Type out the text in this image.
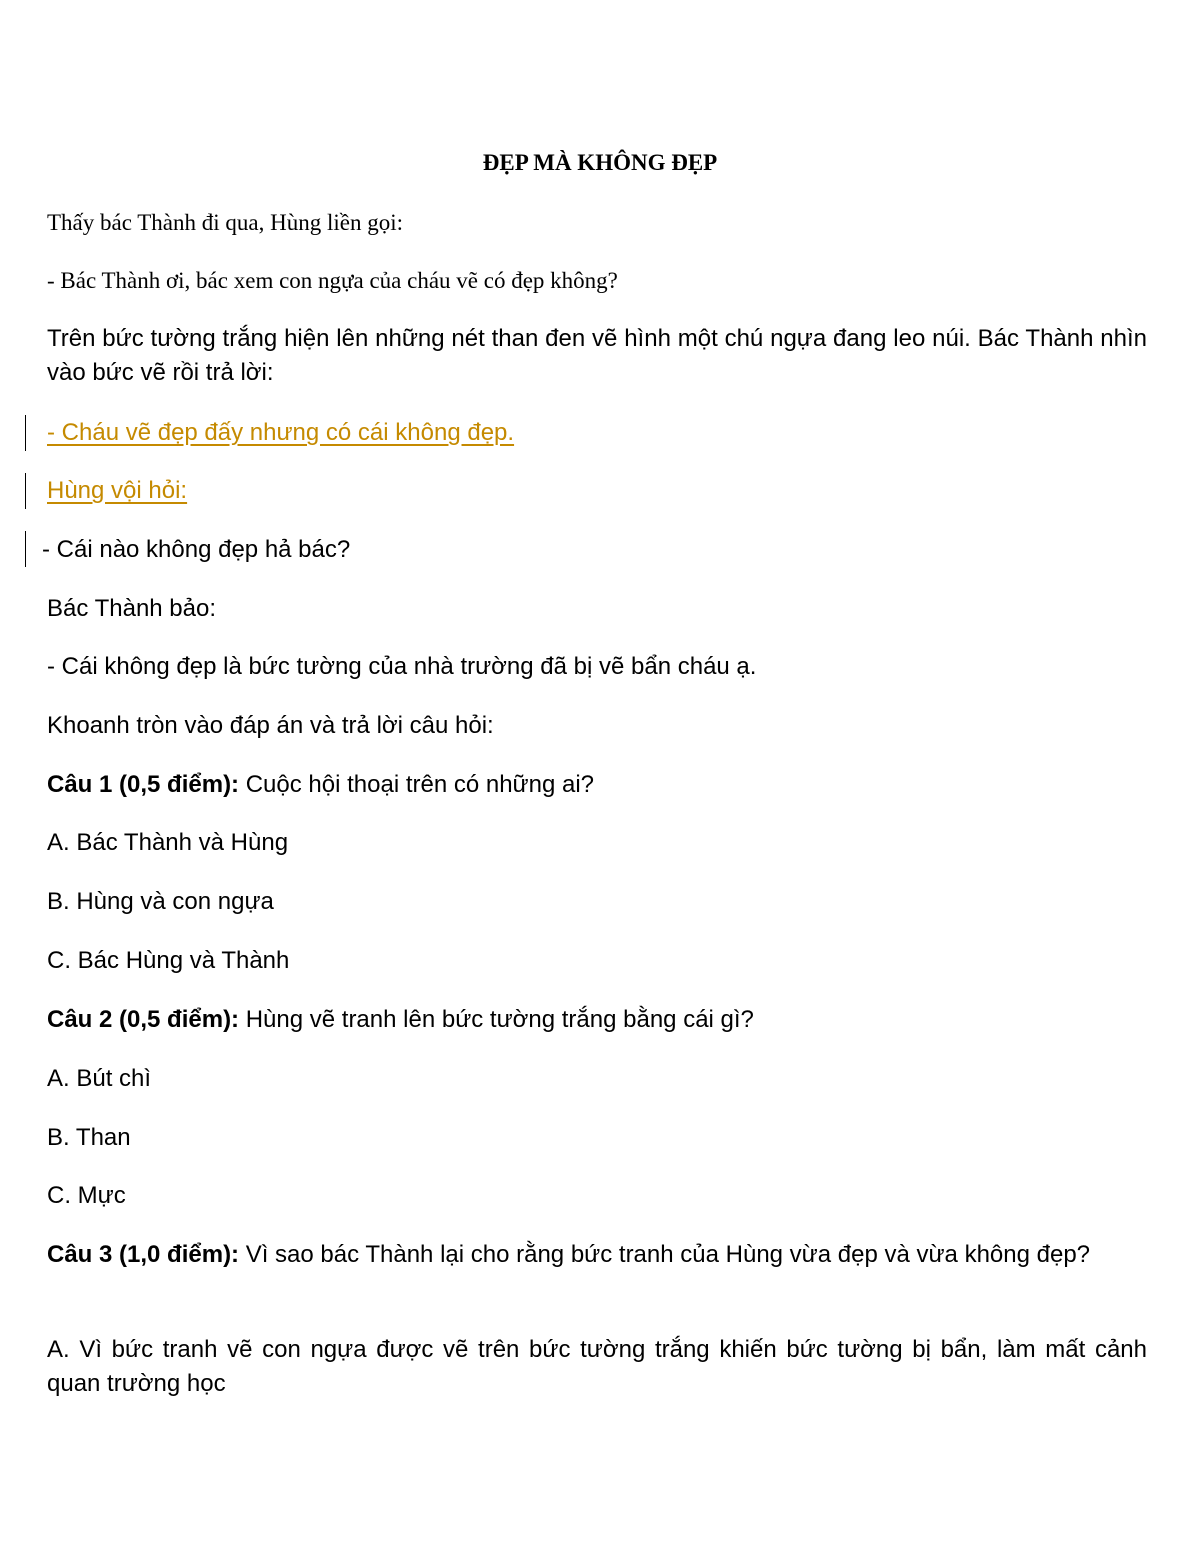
ĐẸP MÀ KHÔNG ĐẸP

Thấy bác Thành đi qua, Hùng liền gọi:

- Bác Thành ơi, bác xem con ngựa của cháu vẽ có đẹp không?

Trên bức tường trắng hiện lên những nét than đen vẽ hình một chú ngựa đang leo núi. Bác Thành nhìn vào bức vẽ rồi trả lời:

- Cháu vẽ đẹp đấy nhưng có cái không đẹp.

Hùng vội hỏi:

- Cái nào không đẹp hả bác?

Bác Thành bảo:

- Cái không đẹp là bức tường của nhà trường đã bị vẽ bẩn cháu ạ.

Khoanh tròn vào đáp án và trả lời câu hỏi:

Câu 1 (0,5 điểm): Cuộc hội thoại trên có những ai?

A. Bác Thành và Hùng

B. Hùng và con ngựa

C. Bác Hùng và Thành

Câu 2 (0,5 điểm): Hùng vẽ tranh lên bức tường trắng bằng cái gì?

A. Bút chì

B. Than

C. Mực

Câu 3 (1,0 điểm): Vì sao bác Thành lại cho rằng bức tranh của Hùng vừa đẹp và vừa không đẹp?

A. Vì bức tranh vẽ con ngựa được vẽ trên bức tường trắng khiến bức tường bị bẩn, làm mất cảnh quan trường học
